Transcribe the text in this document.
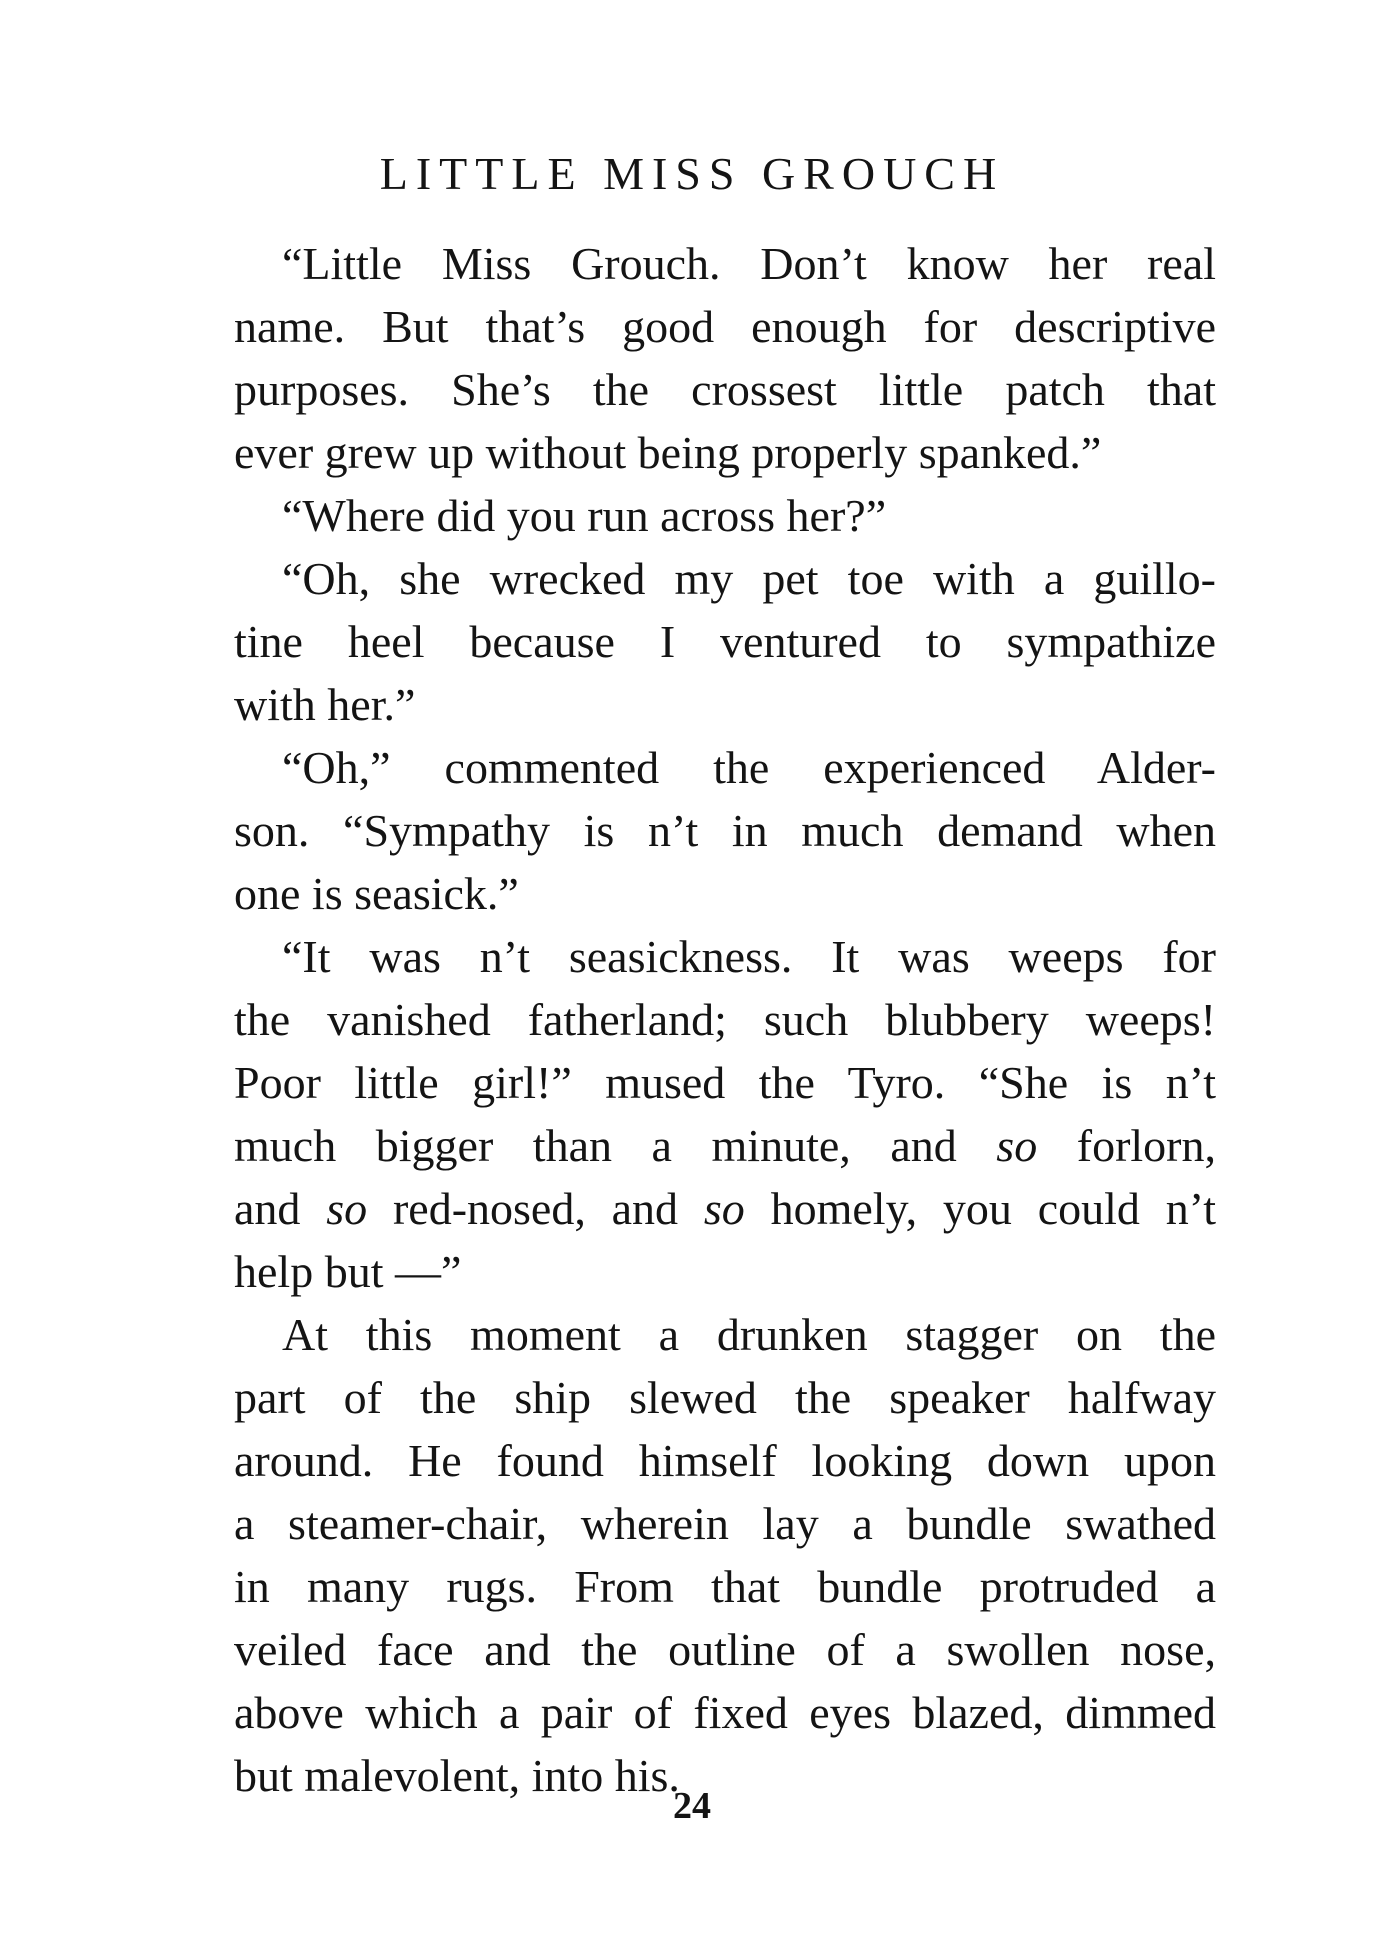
LITTLE MISS GROUCH

“Little Miss Grouch. Don’t know her real
name. But that’s good enough for descriptive
purposes. She’s the crossest little patch that
ever grew up without being properly spanked.”

“Where did you run across her?”

“Oh, she wrecked my pet toe with a guillo-
tine heel because I ventured to sympathize
with her.”

“Oh,” commented the experienced Alder-
son. “Sympathy is n’t in much demand when
one is seasick.”

“It was n’t seasickness. It was weeps for
the vanished fatherland; such blubbery weeps!
Poor little girl!” mused the Tyro. “She is n’t
much bigger than a minute, and so forlorn,
and so red-nosed, and so homely, you could n’t
help but —”

At this moment a drunken stagger on the
part of the ship slewed the speaker halfway
around. He found himself looking down upon
a steamer-chair, wherein lay a bundle swathed
in many rugs. From that bundle protruded a
veiled face and the outline of a swollen nose,
above which a pair of fixed eyes blazed, dimmed
but malevolent, into his.

24
